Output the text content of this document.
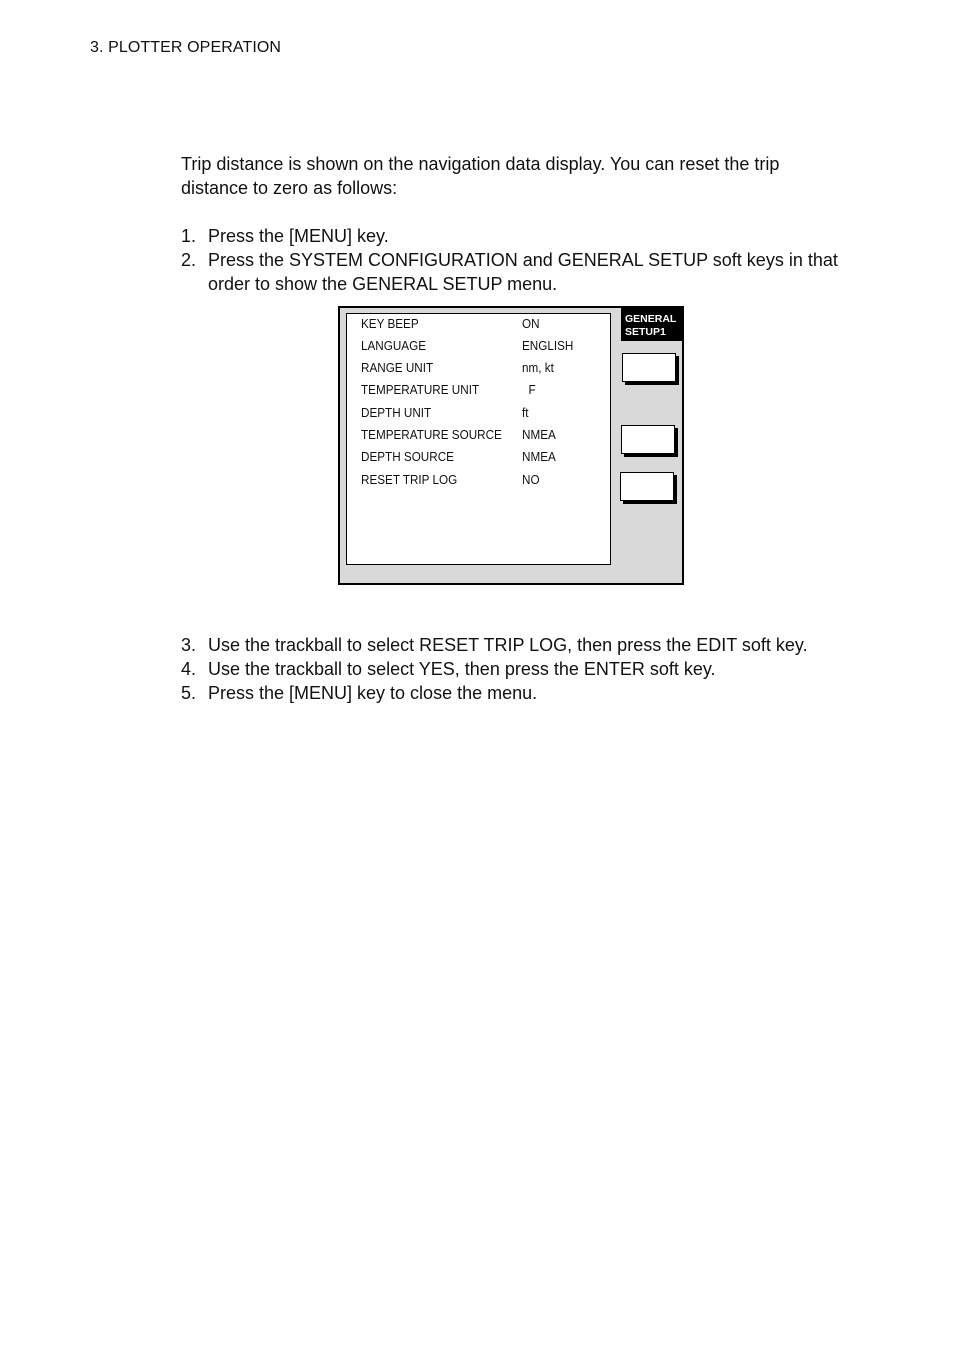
3. PLOTTER OPERATION

Trip distance is shown on the navigation data display. You can reset the trip distance to zero as follows:

1. Press the [MENU] key.
2. Press the SYSTEM CONFIGURATION and GENERAL SETUP soft keys in that order to show the GENERAL SETUP menu.
KEY BEEP	ON
LANGUAGE	ENGLISH
RANGE UNIT	nm, kt
TEMPERATURE UNIT	F
DEPTH UNIT	ft
TEMPERATURE SOURCE NMEA
DEPTH SOURCE	NMEA
RESET TRIP LOG	NO
GENERAL SETUP1
3. Use the trackball to select RESET TRIP LOG, then press the EDIT soft key.
4. Use the trackball to select YES, then press the ENTER soft key.
5. Press the [MENU] key to close the menu.
